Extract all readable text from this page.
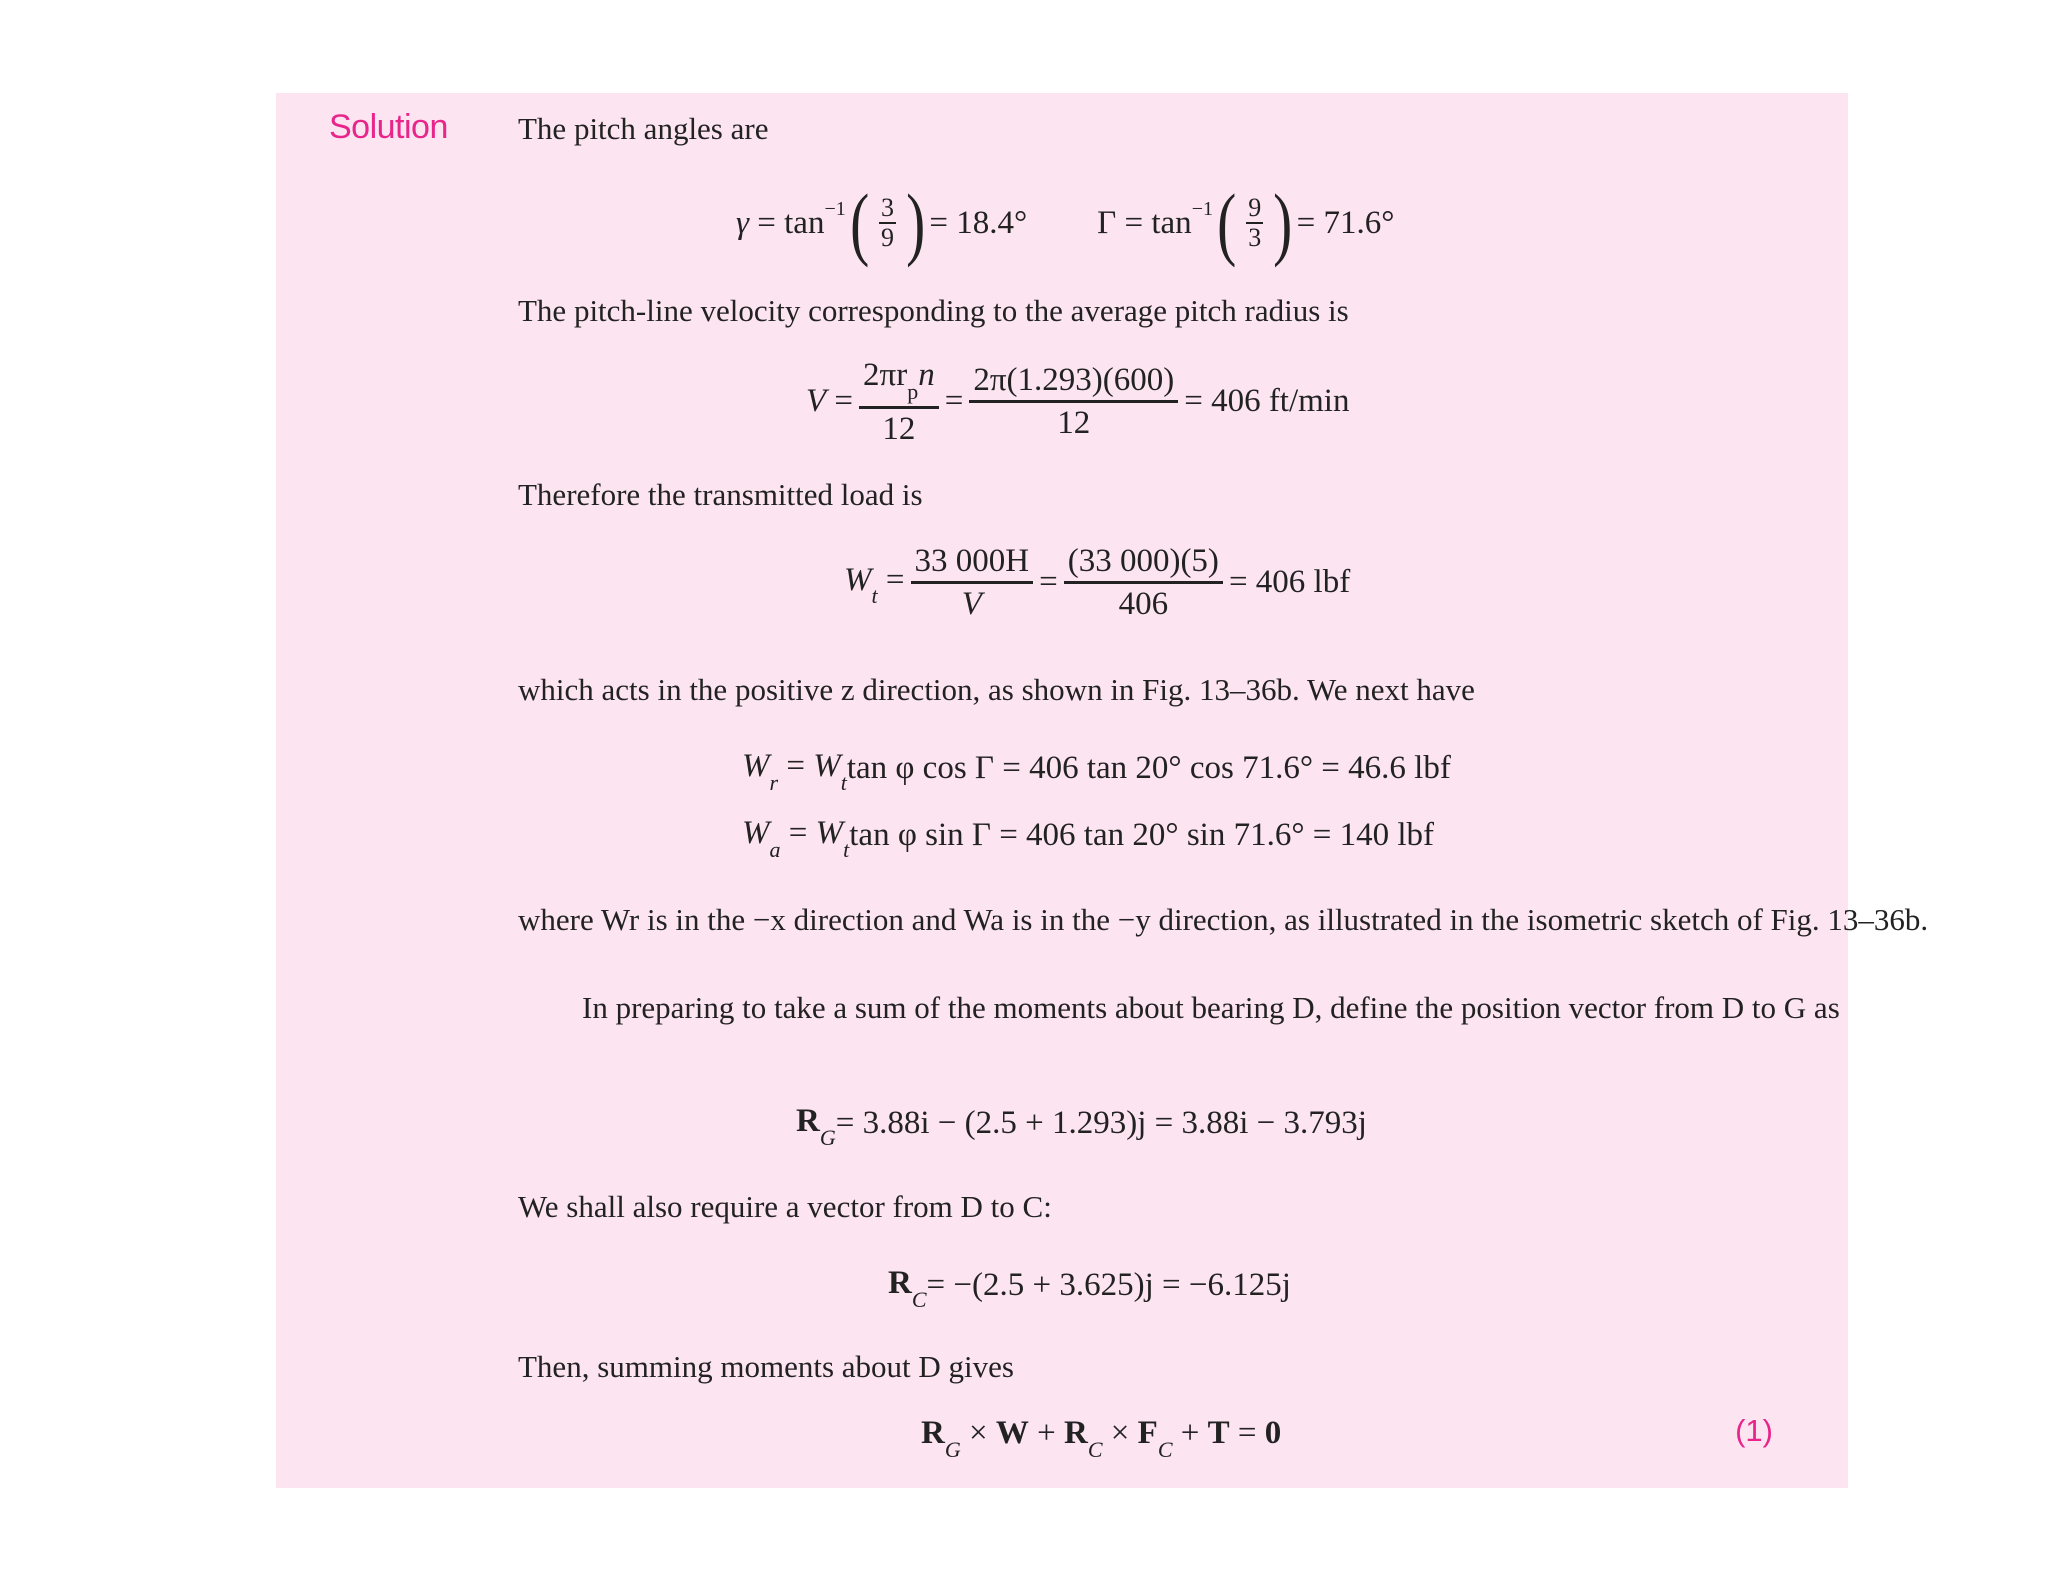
Solution The pitch angles are
$\gamma = \tan^{-1}$ ( $\frac{3}{9}$ ) = 18.4° $\Gamma = \tan^{-1}$ ( $\frac{9}{3}$ ) = 71.6°
The pitch-line velocity corresponding to the average pitch radius is
$V = \frac{2\pi r_pn}{12} = \frac{2\pi(1.293)(600)}{12} = 406$ ft/min
Therefore the transmitted load is
$W_t = \frac{33 000H}{V} = \frac{(33 000)(5)}{406} = 406$ lbf
which acts in the positive z direction, as shown in Fig. 13–36b. We next have
$W_r = W_t$ tan φ cos Γ = 406 tan 20° cos 71.6° = 46.6 lbf
$W_a = W_t$ tan φ sin Γ = 406 tan 20° sin 71.6° = 140 lbf
where Wr is in the −x direction and Wa is in the −y direction, as illustrated in the isometric sketch of Fig. 13–36b.
In preparing to take a sum of the moments about bearing D, define the position vector from D to G as
$R_G = 3.88i - (2.5 + 1.293)j = 3.88i - 3.793j$
We shall also require a vector from D to C:
$R_C = -(2.5 + 3.625)j = -6.125j$
Then, summing moments about D gives
$R_G \times W + R_C \times F_C + T = 0$	(1)
